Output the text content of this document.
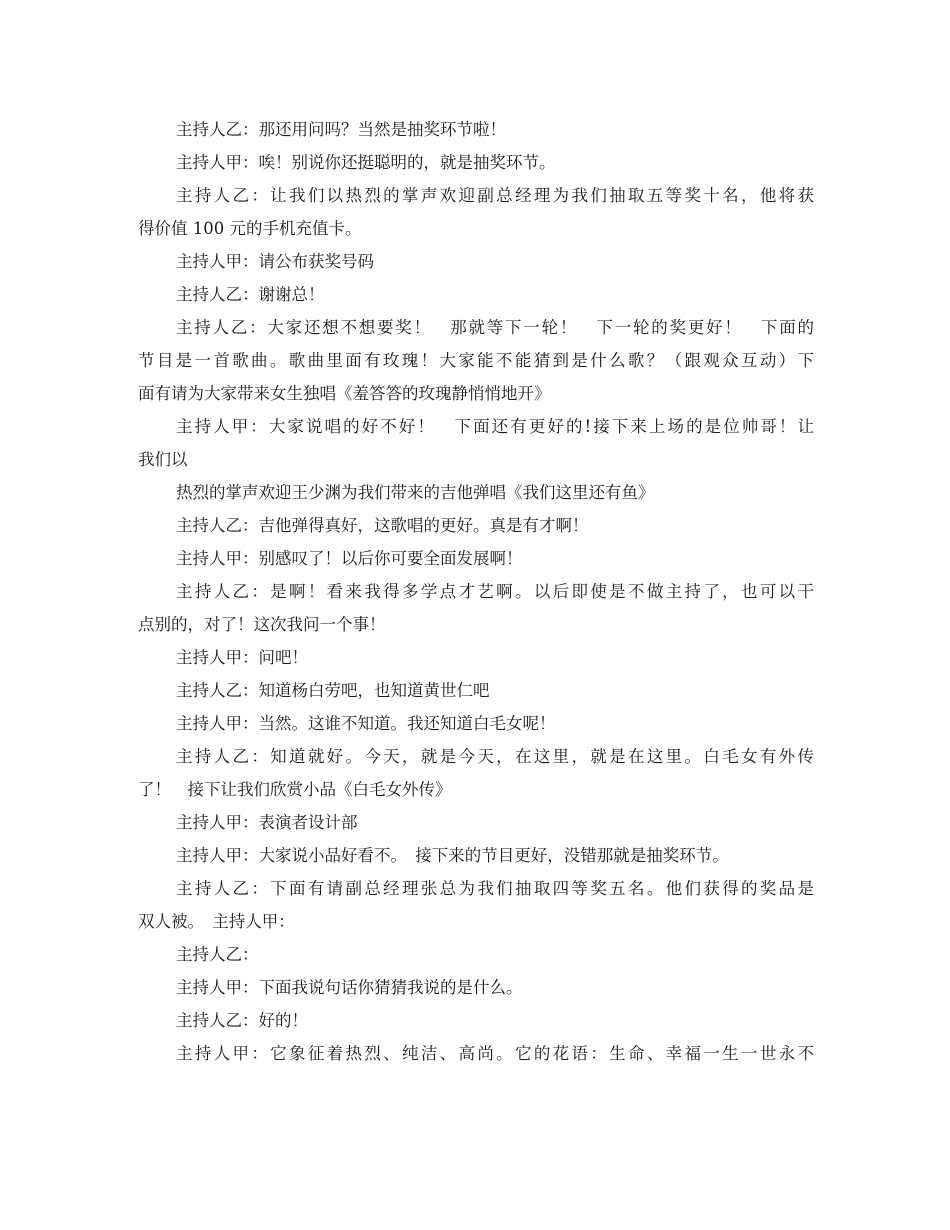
主持人乙：那还用问吗？当然是抽奖环节啦！
主持人甲：唉！别说你还挺聪明的，就是抽奖环节。
主持人乙：让我们以热烈的掌声欢迎副总经理为我们抽取五等奖十名，他将获
得价值 100 元的手机充值卡。
主持人甲：请公布获奖号码
主持人乙：谢谢总！
主持人乙：大家还想不想要奖！　那就等下一轮！　下一轮的奖更好！　下面的
节目是一首歌曲。歌曲里面有玫瑰！大家能不能猜到是什么歌？（跟观众互动）下
面有请为大家带来女生独唱《羞答答的玫瑰静悄悄地开》
主持人甲：大家说唱的好不好！　下面还有更好的!接下来上场的是位帅哥！让
我们以
热烈的掌声欢迎王少渊为我们带来的吉他弹唱《我们这里还有鱼》
主持人乙：吉他弹得真好，这歌唱的更好。真是有才啊！
主持人甲：别感叹了！以后你可要全面发展啊！
主持人乙：是啊！看来我得多学点才艺啊。以后即使是不做主持了，也可以干
点别的，对了！这次我问一个事！
主持人甲：问吧！
主持人乙：知道杨白劳吧，也知道黄世仁吧
主持人甲：当然。这谁不知道。我还知道白毛女呢！
主持人乙：知道就好。今天，就是今天，在这里，就是在这里。白毛女有外传
了！　接下让我们欣赏小品《白毛女外传》
主持人甲：表演者设计部
主持人甲：大家说小品好看不。　接下来的节目更好，没错那就是抽奖环节。
主持人乙：下面有请副总经理张总为我们抽取四等奖五名。他们获得的奖品是
双人被。　主持人甲：
主持人乙：
主持人甲：下面我说句话你猜猜我说的是什么。
主持人乙：好的！
主持人甲：它象征着热烈、纯洁、高尚。它的花语：生命、幸福一生一世永不
